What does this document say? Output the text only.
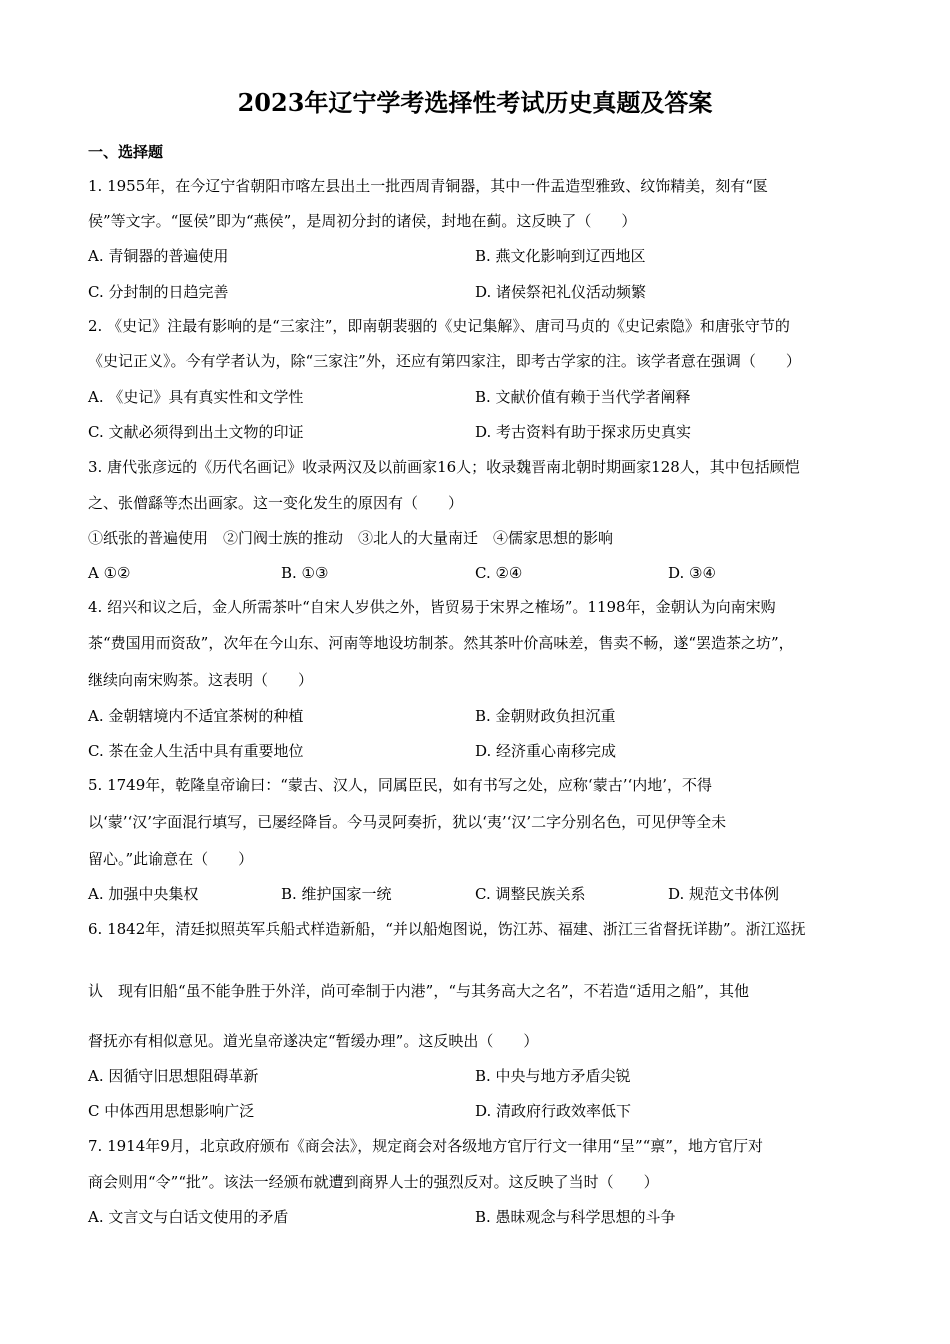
2023年辽宁学考选择性考试历史真题及答案
一、选择题
1. 1955年，在今辽宁省朝阳市喀左县出土一批西周青铜器，其中一件盂造型雅致、纹饰精美，刻有“匽
侯”等文字。“匽侯”即为“燕侯”，是周初分封的诸侯，封地在蓟。这反映了（　　）
A. 青铜器的普遍使用	B. 燕文化影响到辽西地区
C. 分封制的日趋完善	D. 诸侯祭祀礼仪活动频繁
2. 《史记》注最有影响的是“三家注”，即南朝裴骃的《史记集解》、唐司马贞的《史记索隐》和唐张守节的
《史记正义》。今有学者认为，除“三家注”外，还应有第四家注，即考古学家的注。该学者意在强调（　　）
A. 《史记》具有真实性和文学性	B. 文献价值有赖于当代学者阐释
C. 文献必须得到出土文物的印证	D. 考古资料有助于探求历史真实
3. 唐代张彦远的《历代名画记》收录两汉及以前画家16人；收录魏晋南北朝时期画家128人，其中包括顾恺
之、张僧繇等杰出画家。这一变化发生的原因有（　　）
①纸张的普遍使用　②门阀士族的推动　③北人的大量南迁　④儒家思想的影响
A ①②	B. ①③	C. ②④	D. ③④
4. 绍兴和议之后，金人所需茶叶“自宋人岁供之外，皆贸易于宋界之榷场”。1198年，金朝认为向南宋购
茶“费国用而资敌”，次年在今山东、河南等地设坊制茶。然其茶叶价高味差，售卖不畅，遂“罢造茶之坊”，
继续向南宋购茶。这表明（　　）
A. 金朝辖境内不适宜茶树的种植	B. 金朝财政负担沉重
C. 茶在金人生活中具有重要地位	D. 经济重心南移完成
5. 1749年，乾隆皇帝谕曰：“蒙古、汉人，同属臣民，如有书写之处，应称‘蒙古’‘内地’，不得
以‘蒙’‘汉’字面混行填写，已屡经降旨。今马灵阿奏折，犹以‘夷’‘汉’二字分别名色，可见伊等全未
留心。”此谕意在（　　）
A. 加强中央集权	B. 维护国家一统	C. 调整民族关系	D. 规范文书体例
6. 1842年，清廷拟照英军兵船式样造新船，“并以船炮图说，饬江苏、福建、浙江三省督抚详勘”。浙江巡抚
认　现有旧船“虽不能争胜于外洋，尚可牵制于内港”，“与其务高大之名”，不若造“适用之船”，其他
督抚亦有相似意见。道光皇帝遂决定“暂缓办理”。这反映出（　　）
A. 因循守旧思想阻碍革新	B. 中央与地方矛盾尖锐
C 中体西用思想影响广泛	D. 清政府行政效率低下
7. 1914年9月，北京政府颁布《商会法》，规定商会对各级地方官厅行文一律用“呈”“禀”，地方官厅对
商会则用“令”“批”。该法一经颁布就遭到商界人士的强烈反对。这反映了当时（　　）
A. 文言文与白话文使用的矛盾	B. 愚昧观念与科学思想的斗争
